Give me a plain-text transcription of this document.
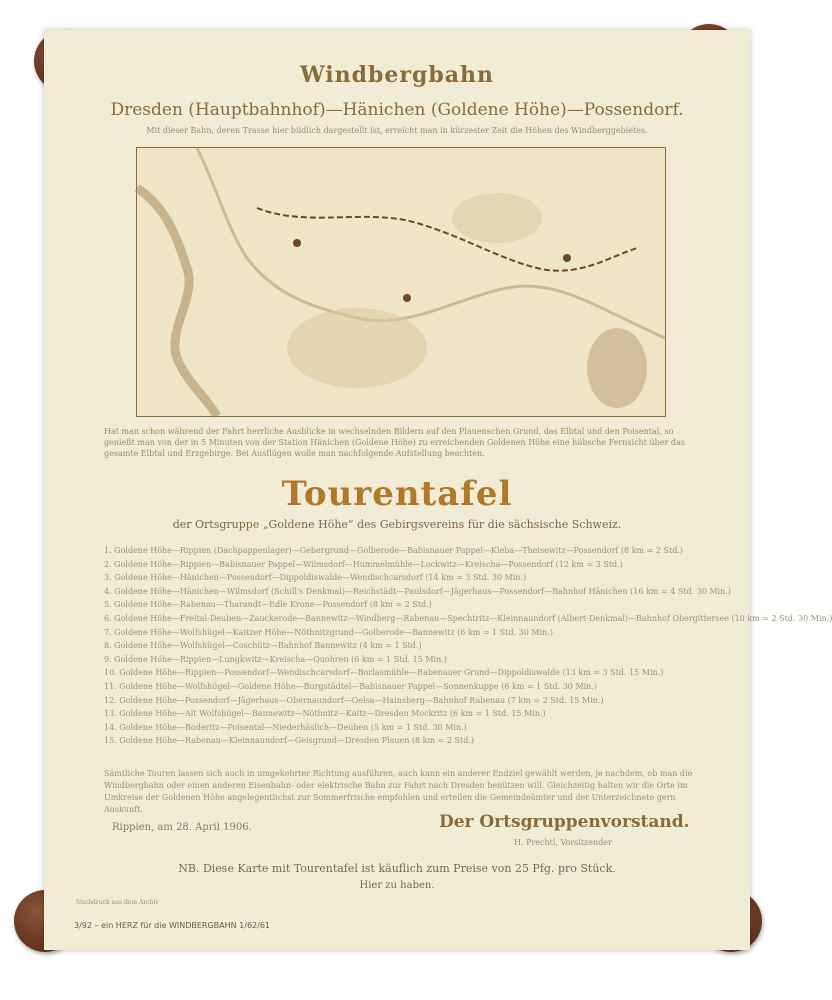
Windbergbahn
Dresden (Hauptbahnhof)—Hänichen (Goldene Höhe)—Possendorf.
Mit dieser Bahn, deren Trasse hier bildlich dargestellt ist, erreicht man in kürzester Zeit die Höhen des Windberggebietes.
Hat man schon während der Fahrt herrliche Ausblicke in wechselnden Bildern auf den Plauenschen Grund, das Elbtal und den Poisental, so genießt man von der in 5 Minuten von der Station Hänichen (Goldene Höhe) zu erreichenden Goldenen Höhe eine hübsche Fernsicht über das gesamte Elbtal und Erzgebirge. Bei Ausflügen wolle man nachfolgende Aufstellung beachten.
Tourentafel
der Ortsgruppe „Goldene Höhe“ des Gebirgsvereins für die sächsische Schweiz.
1. Goldene Höhe—Rippien (Dachpappenlager)—Gebergrund—Golberode—Babisnauer Pappel—Kleba—Theisewitz—Possendorf (8 km = 2 Std.)
2. Goldene Höhe—Rippien—Babisnauer Pappel—Wilmsdorf—Hummelmühle—Lockwitz—Kreischa—Possendorf (12 km = 3 Std.)
3. Goldene Höhe—Hänichen—Possendorf—Dippoldiswalde—Wendischcarsdorf (14 km = 3 Std. 30 Min.)
4. Goldene Höhe—Hänichen—Wilmsdorf (Schill's Denkmal)—Reichstädt—Paulsdorf—Jägerhaus—Possendorf—Bahnhof Hänichen (16 km = 4 Std. 30 Min.)
5. Goldene Höhe—Rabenau—Tharandt—Edle Krone—Possendorf (8 km = 2 Std.)
6. Goldene Höhe—Freital-Deuben—Zauckerode—Bannewitz—Windberg—Rabenau—Spechtritz—Kleinnaundorf (Albert-Denkmal)—Bahnhof Obergittersee (10 km = 2 Std. 30 Min.)
7. Goldene Höhe—Wolfshügel—Kaitzer Höhe—Nöthnitzgrund—Golberode—Bannewitz (6 km = 1 Std. 30 Min.)
8. Goldene Höhe—Wolfshügel—Coschütz—Bahnhof Bannewitz (4 km = 1 Std.)
9. Goldene Höhe—Rippien—Lungkwitz—Kreischa—Quohren (6 km = 1 Std. 15 Min.)
10. Goldene Höhe—Rippien—Possendorf—Wendischcarsdorf—Borlasmühle—Rabenauer Grund—Dippoldiswalde (13 km = 3 Std. 15 Min.)
11. Goldene Höhe—Wolfshügel—Goldene Höhe—Burgstädtel—Babisnauer Pappel—Sonnenkuppe (6 km = 1 Std. 30 Min.)
12. Goldene Höhe—Possendorf—Jägerhaus—Obernaundorf—Oelsa—Hainsberg—Bahnhof Rabenau (7 km = 2 Std. 15 Min.)
13. Goldene Höhe—Alt Wolfshügel—Bannewitz—Nöthnitz—Kaitz—Dresden Mockritz (6 km = 1 Std. 15 Min.)
14. Goldene Höhe—Boderitz—Poisental—Niederhäslich—Deuben (5 km = 1 Std. 30 Min.)
15. Goldene Höhe—Rabenau—Kleinnaundorf—Geisgrund—Dresden Plauen (8 km = 2 Std.)
Sämtliche Touren lassen sich auch in umgekehrter Richtung ausführen, auch kann ein anderer Endziel gewählt werden, je nachdem, ob man die Windbergbahn oder einen anderen Eisenbahn- oder elektrische Bahn zur Fahrt nach Dresden benützen will. Gleichzeitig halten wir die Orte im Umkreise der Goldenen Höhe angelegentlichst zur Sommerfrische empfohlen und erteilen die Gemeindeämter und der Unterzeichnete gern Auskunft.
Rippien, am 28. April 1906.	Der Ortsgruppenvorstand.
H. Prechtl, Vorsitzender
NB. Diese Karte mit Tourentafel ist käuflich zum Preise von 25 Pfg. pro Stück.
Hier zu haben.
Nachdruck aus dem Archiv
3/92 – ein HERZ für die WINDBERGBAHN 1/62/61
